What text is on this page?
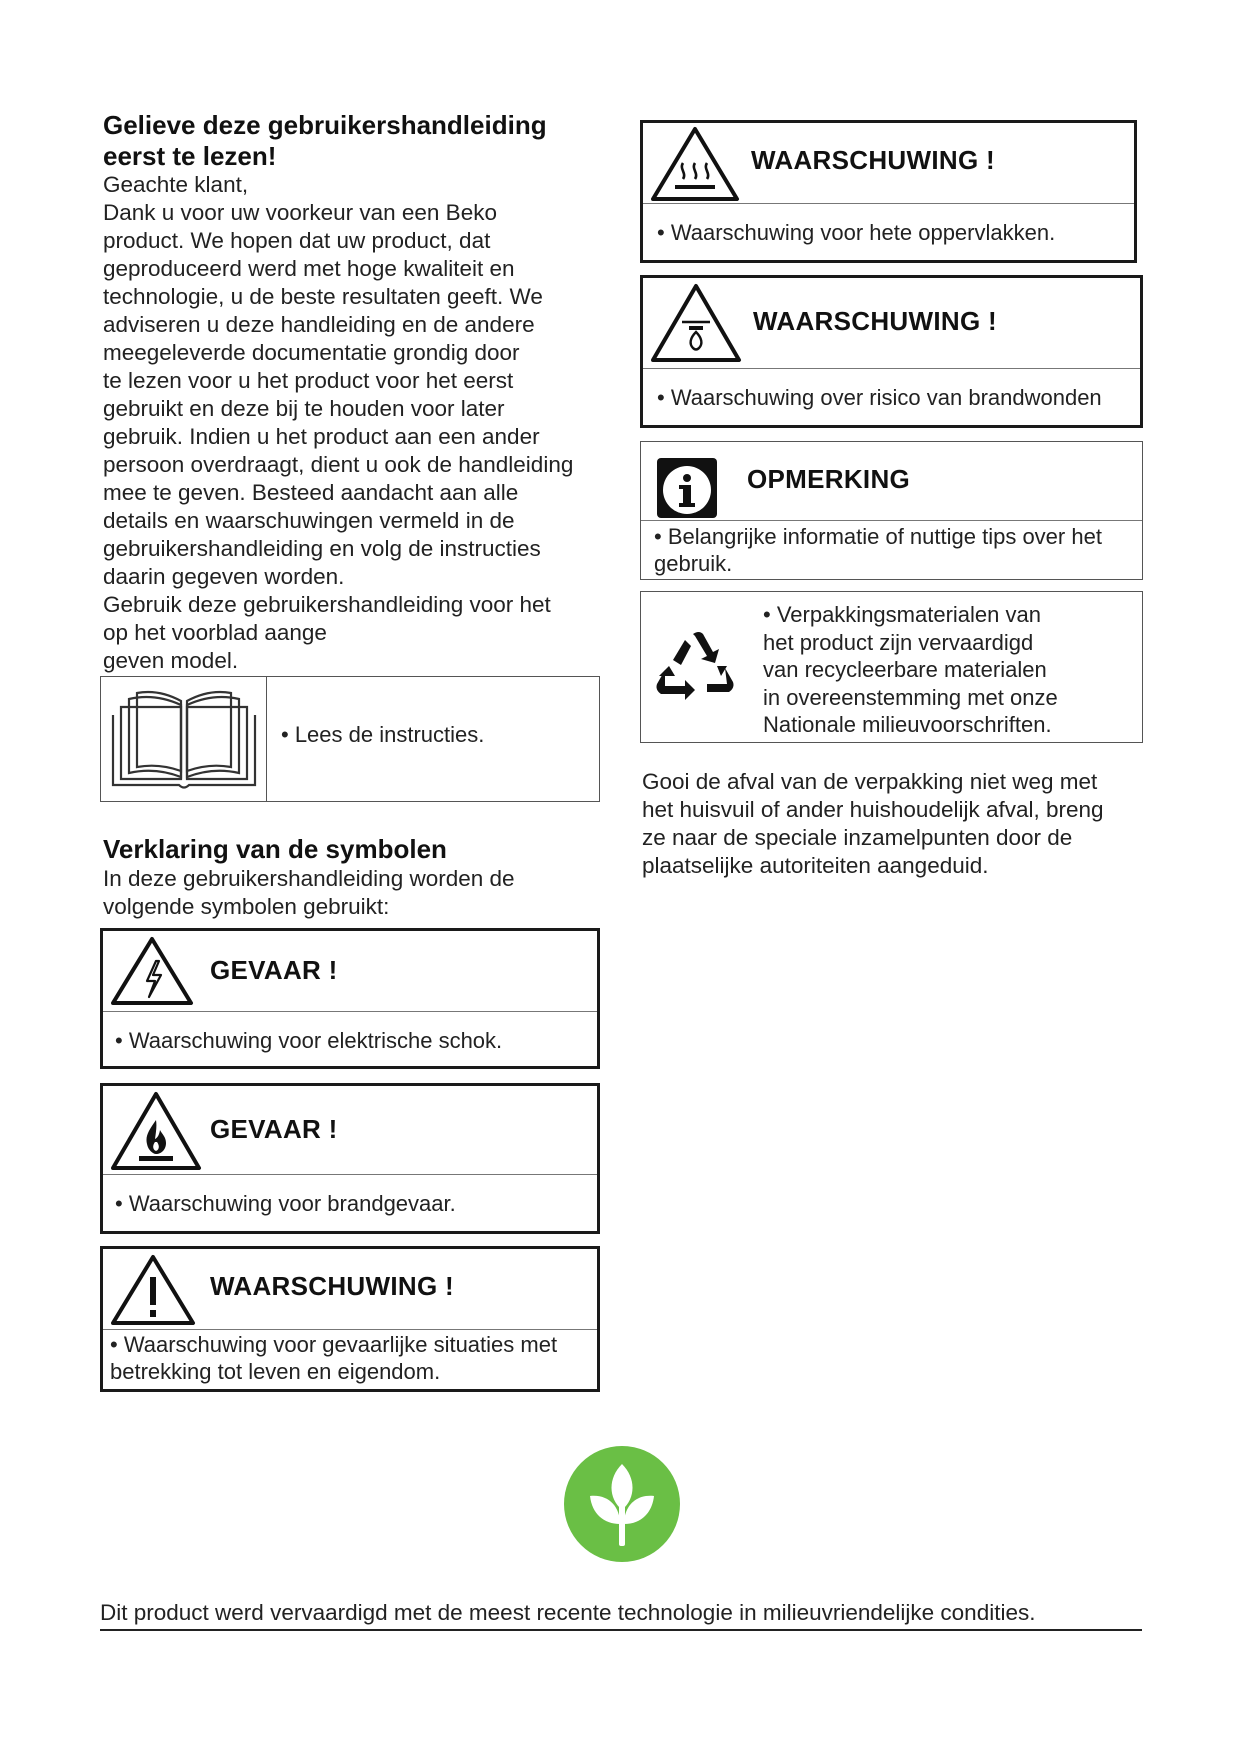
Gelieve deze gebruikershandleiding
eerst te lezen!

Geachte klant,

Dank u voor uw voorkeur van een Beko

product. We hopen dat uw product, dat

geproduceerd werd met hoge kwaliteit en

technologie, u de beste resultaten geeft. We

adviseren u deze handleiding en de andere

meegeleverde documentatie grondig door

te lezen voor u het product voor het eerst

gebruikt en deze bij te houden voor later

gebruik. Indien u het product aan een ander

persoon overdraagt, dient u ook de handleiding

mee te geven. Besteed aandacht aan alle

details en waarschuwingen vermeld in de

gebruikershandleiding en volg de instructies

daarin gegeven worden.

Gebruik deze gebruikershandleiding voor het

op het voorblad aange

geven model.

• Lees de instructies.
Verklaring van de symbolen

In deze gebruikershandleiding worden de

volgende symbolen gebruikt:

GEVAAR !
• Waarschuwing voor elektrische schok.
GEVAAR !
• Waarschuwing voor brandgevaar.
WAARSCHUWING !
• Waarschuwing voor gevaarlijke situaties met
betrekking tot leven en eigendom.
WAARSCHUWING !
• Waarschuwing voor hete oppervlakken.
WAARSCHUWING !
• Waarschuwing over risico van brandwonden
OPMERKING
• Belangrijke informatie of nuttige tips over het
gebruik.
• Verpakkingsmaterialen van
het product zijn vervaardigd
van recycleerbare materialen
in overeenstemming met onze
Nationale milieuvoorschriften.

Gooi de afval van de verpakking niet weg met

het huisvuil of ander huishoudelijk afval, breng

ze naar de speciale inzamelpunten door de

plaatselijke autoriteiten aangeduid.

Dit product werd vervaardigd met de meest recente technologie in milieuvriendelijke condities.
